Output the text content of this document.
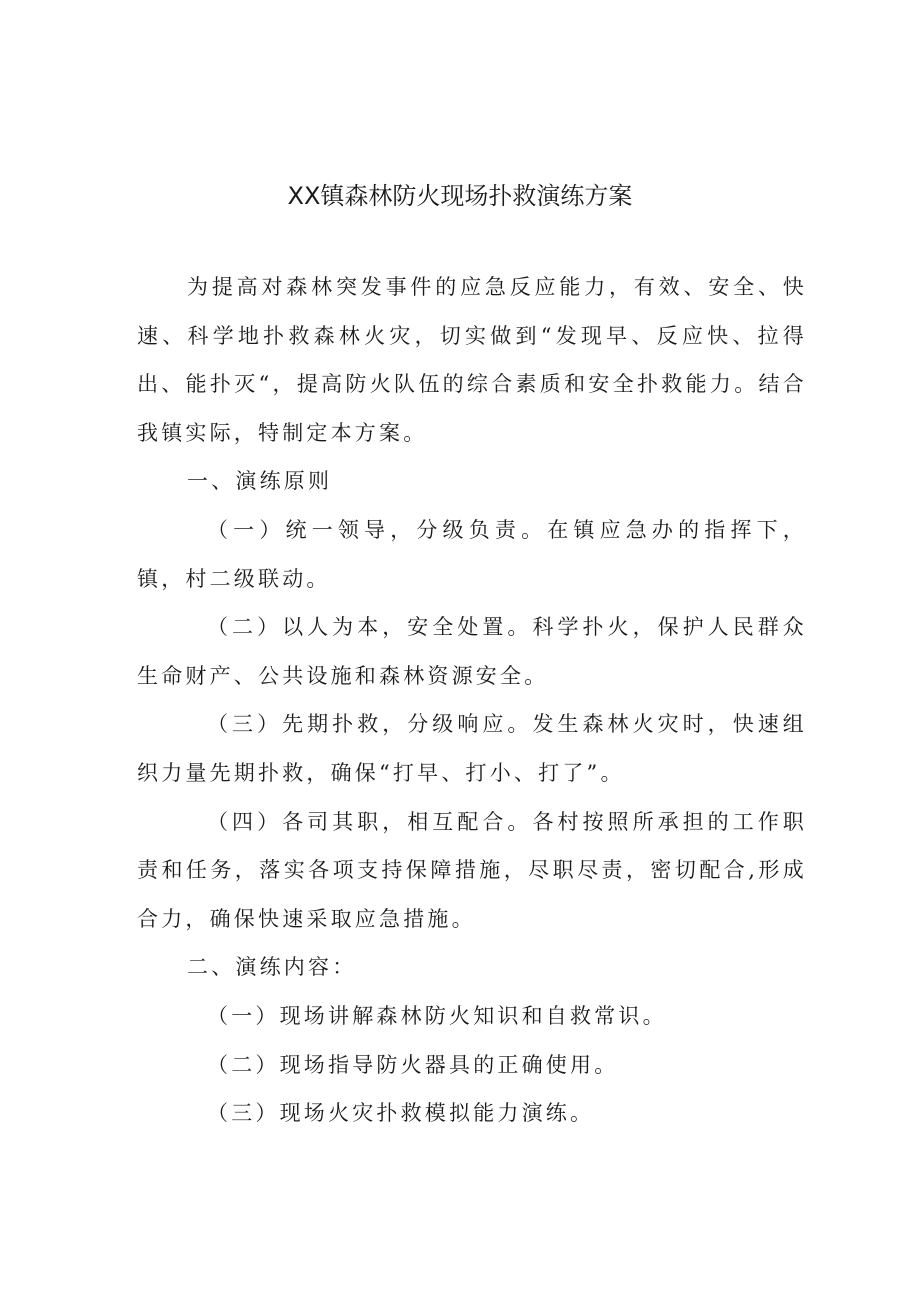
XX镇森林防火现场扑救演练方案

为提高对森林突发事件的应急反应能力，有效、安全、快速、科学地扑救森林火灾，切实做到“发现早、反应快、拉得出、能扑灭“，提高防火队伍的综合素质和安全扑救能力。结合我镇实际，特制定本方案。

一、演练原则

（一）统一领导，分级负责。在镇应急办的指挥下，镇，村二级联动。

（二）以人为本，安全处置。科学扑火，保护人民群众生命财产、公共设施和森林资源安全。

（三）先期扑救，分级响应。发生森林火灾时，快速组织力量先期扑救，确保“打早、打小、打了”。

（四）各司其职，相互配合。各村按照所承担的工作职责和任务，落实各项支持保障措施，尽职尽责，密切配合,形成合力，确保快速采取应急措施。

二、演练内容：

（一）现场讲解森林防火知识和自救常识。

（二）现场指导防火器具的正确使用。

（三）现场火灾扑救模拟能力演练。
